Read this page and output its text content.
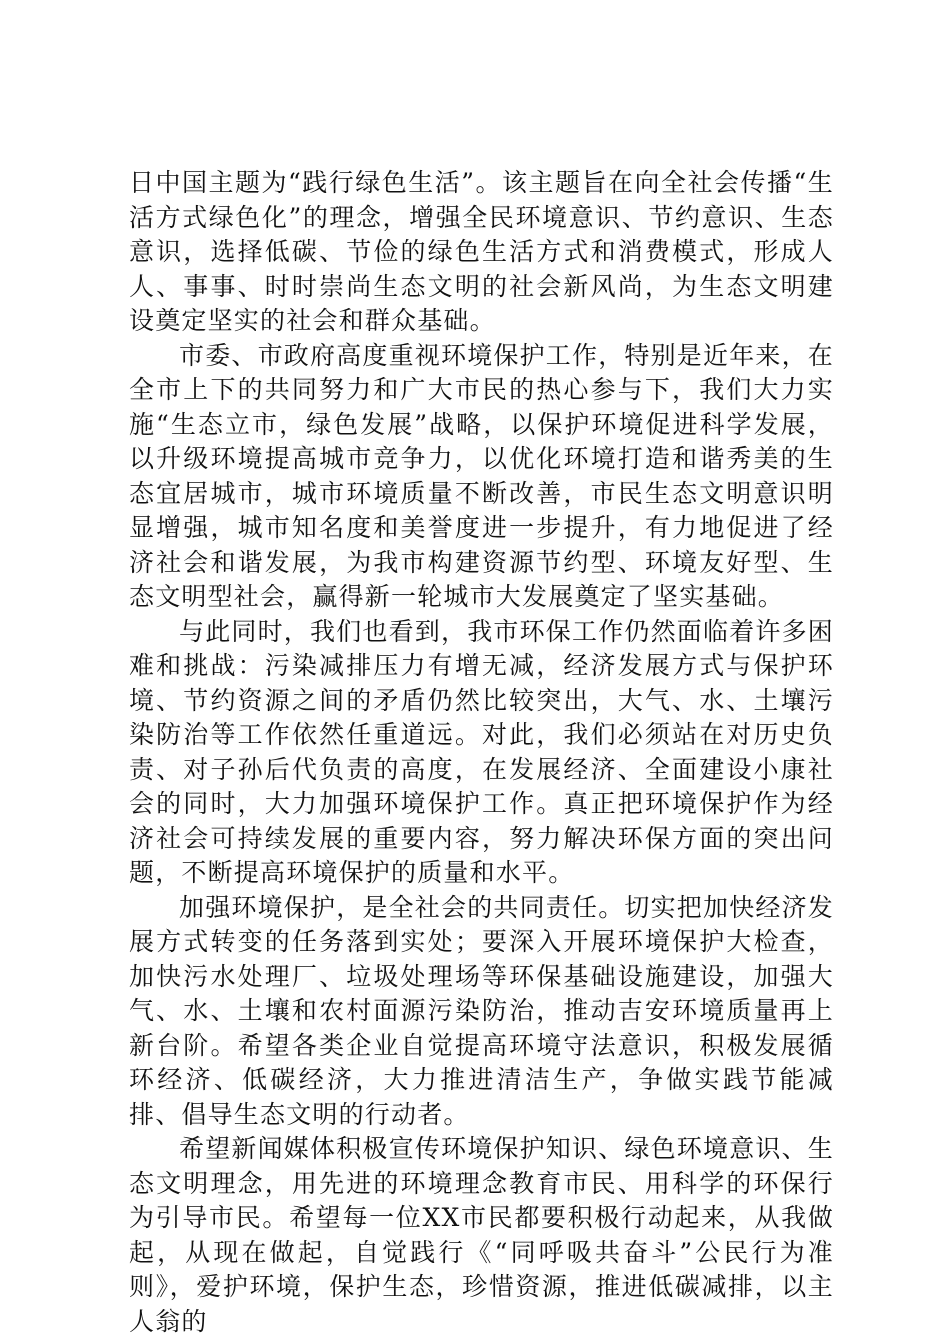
日中国主题为“践行绿色生活”。该主题旨在向全社会传播“生活方式绿色化”的理念，增强全民环境意识、节约意识、生态意识，选择低碳、节俭的绿色生活方式和消费模式，形成人人、事事、时时崇尚生态文明的社会新风尚，为生态文明建设奠定坚实的社会和群众基础。

市委、市政府高度重视环境保护工作，特别是近年来，在全市上下的共同努力和广大市民的热心参与下，我们大力实施“生态立市，绿色发展”战略，以保护环境促进科学发展，以升级环境提高城市竞争力，以优化环境打造和谐秀美的生态宜居城市，城市环境质量不断改善，市民生态文明意识明显增强，城市知名度和美誉度进一步提升，有力地促进了经济社会和谐发展，为我市构建资源节约型、环境友好型、生态文明型社会，赢得新一轮城市大发展奠定了坚实基础。

与此同时，我们也看到，我市环保工作仍然面临着许多困难和挑战：污染减排压力有增无减，经济发展方式与保护环境、节约资源之间的矛盾仍然比较突出，大气、水、土壤污染防治等工作依然任重道远。对此，我们必须站在对历史负责、对子孙后代负责的高度，在发展经济、全面建设小康社会的同时，大力加强环境保护工作。真正把环境保护作为经济社会可持续发展的重要内容，努力解决环保方面的突出问题，不断提高环境保护的质量和水平。

加强环境保护，是全社会的共同责任。切实把加快经济发展方式转变的任务落到实处；要深入开展环境保护大检查，加快污水处理厂、垃圾处理场等环保基础设施建设，加强大气、水、土壤和农村面源污染防治，推动吉安环境质量再上新台阶。希望各类企业自觉提高环境守法意识，积极发展循环经济、低碳经济，大力推进清洁生产，争做实践节能减排、倡导生态文明的行动者。

希望新闻媒体积极宣传环境保护知识、绿色环境意识、生态文明理念，用先进的环境理念教育市民、用科学的环保行为引导市民。希望每一位XX市民都要积极行动起来，从我做起，从现在做起，自觉践行《“同呼吸共奋斗”公民行为准则》，爱护环境，保护生态，珍惜资源，推进低碳减排，以主人翁的
